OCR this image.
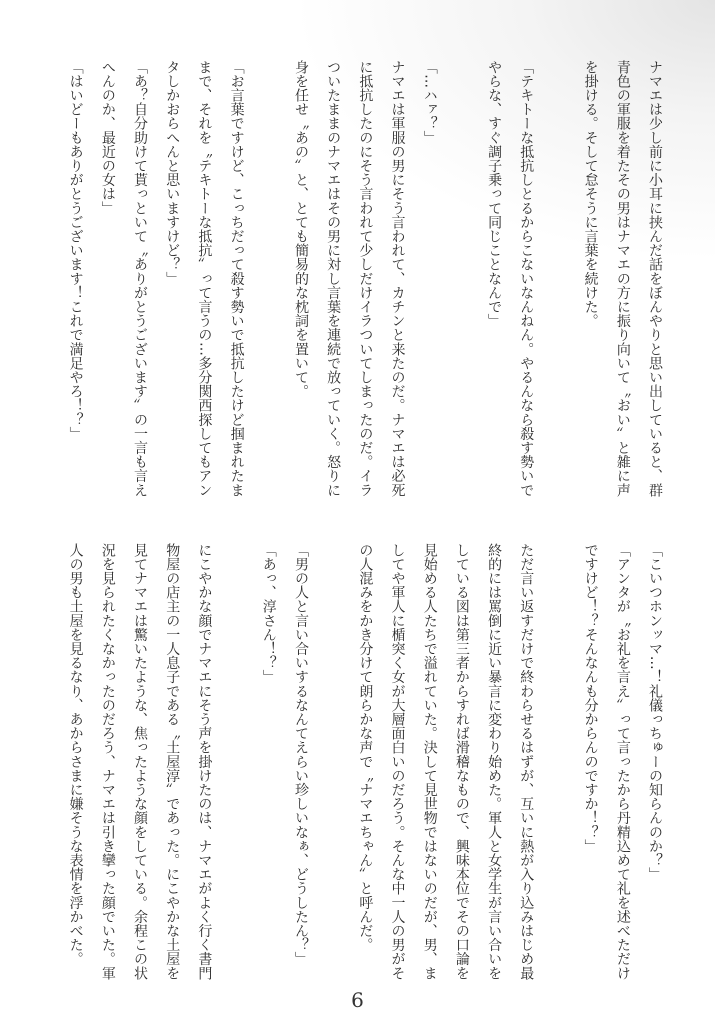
ナマエは少し前に小耳に挟んだ話をぼんやりと思い出していると、群
青色の軍服を着たその男はナマエの方に振り向いて〝おい〟と雑に声
を掛ける。そして怠そうに言葉を続けた。
「テキトーな抵抗しとるからこないなんねん。やるんなら殺す勢いで
やらな、すぐ調子乗って同じことなんで」
「…ハァ？」
ナマエは軍服の男にそう言われて、カチンと来たのだ。ナマエは必死
に抵抗したのにそう言われて少しだけイラついてしまったのだ。イラ
ついたままのナマエはその男に対し言葉を連続で放っていく。怒りに
身を任せ〝あの〟と、とても簡易的な枕詞を置いて。
「お言葉ですけど、こっちだって殺す勢いで抵抗したけど掴まれたま
まで、それを〝テキトーな抵抗〟って言うの…多分関西探してもアン
タしかおらへんと思いますけど？」
「あ？自分助けて貰っといて〝ありがとうございます〟の一言も言え
へんのか、最近の女は」
「はいどーもありがとうございます！これで満足やろ！？」
「こいつホンッマ…！礼儀っちゅーの知らんのか？」
「アンタが〝お礼を言え〟って言ったから丹精込めて礼を述べただけ
ですけど！？そんなんも分からんのですか！？」
ただ言い返すだけで終わらせるはずが、互いに熱が入り込みはじめ最
終的には罵倒に近い暴言に変わり始めた。軍人と女学生が言い合いを
している図は第三者からすれば滑稽なもので、興味本位でその口論を
見始める人たちで溢れていた。決して見世物ではないのだが、男、ま
してや軍人に楯突く女が大層面白いのだろう。そんな中一人の男がそ
の人混みをかき分けて朗らかな声で〝ナマエちゃん〟と呼んだ。
「男の人と言い合いするなんてえらい珍しいなぁ、どうしたん？」
「あっ、淳さん！？」
にこやかな顔でナマエにそう声を掛けたのは、ナマエがよく行く書門
物屋の店主の一人息子である〝土屋淳〟であった。にこやかな土屋を
見てナマエは驚いたような、焦ったような顔をしている。余程この状
況を見られたくなかったのだろう、ナマエは引き攣った顔でいた。軍
人の男も土屋を見るなり、あからさまに嫌そうな表情を浮かべた。
6
